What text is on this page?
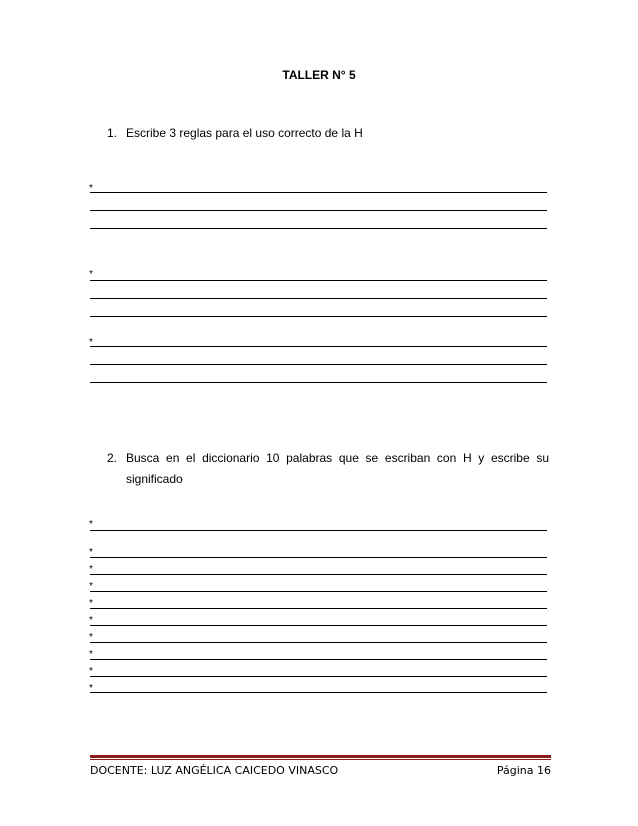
TALLER N° 5
1. Escribe 3 reglas para el uso correcto de la H
*
*
*
2. Busca en el diccionario 10 palabras que se escriban con H y escribe su significado
*
*
*
*
*
*
*
*
*
*
DOCENTE: LUZ ANGÉLICA CAICEDO VINASCO	Página 16
